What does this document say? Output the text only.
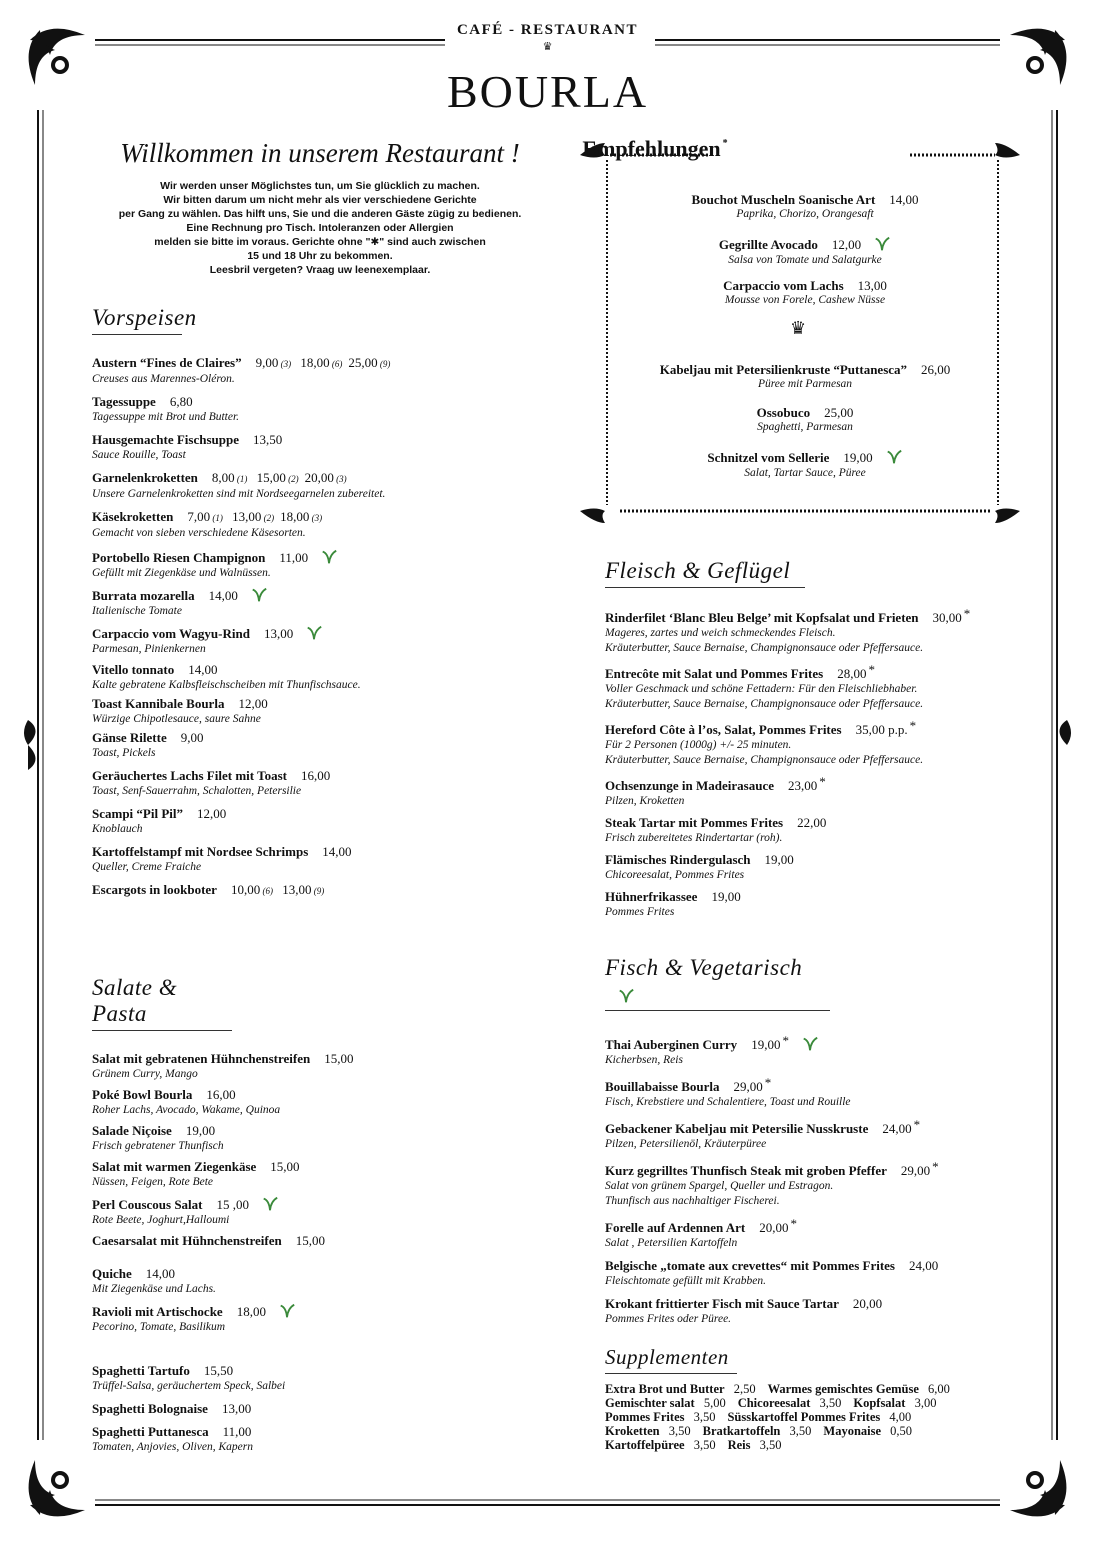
CAFÉ - RESTAURANT
♛
BOURLA
Willkommen in unserem Restaurant !
Wir werden unser Möglichstes tun, um Sie glücklich zu machen.
Wir bitten darum um nicht mehr als vier verschiedene Gerichte
per Gang zu wählen. Das hilft uns, Sie und die anderen Gäste zügig zu bedienen.
Eine Rechnung pro Tisch. Intoleranzen oder Allergien
melden sie bitte im voraus. Gerichte ohne "✱" sind auch zwischen
15 und 18 Uhr zu bekommen.
Leesbril vergeten? Vraag uw leenexemplaar.
Vorspeisen
Austern “Fines de Claires” 9,00 (3) 18,00 (6) 25,00 (9)
Creuses aus Marennes-Oléron.
Tagessuppe 6,80
Tagessuppe mit Brot und Butter.
Hausgemachte Fischsuppe 13,50
Sauce Rouille, Toast
Garnelenkroketten 8,00 (1) 15,00 (2) 20,00 (3)
Unsere Garnelenkroketten sind mit Nordseegarnelen zubereitet.
Käsekroketten 7,00 (1) 13,00 (2) 18,00 (3)
Gemacht von sieben verschiedene Käsesorten.
Portobello Riesen Champignon 11,00
Gefüllt mit Ziegenkäse und Walnüssen.
Burrata mozarella 14,00
Italienische Tomate
Carpaccio vom Wagyu-Rind 13,00
Parmesan, Pinienkernen
Vitello tonnato 14,00
Kalte gebratene Kalbsfleischscheiben mit Thunfischsauce.
Toast Kannibale Bourla 12,00
Würzige Chipotlesauce, saure Sahne
Gänse Rilette 9,00
Toast, Pickels
Geräuchertes Lachs Filet mit Toast 16,00
Toast, Senf-Sauerrahm, Schalotten, Petersilie
Scampi “Pil Pil” 12,00
Knoblauch
Kartoffelstampf mit Nordsee Schrimps 14,00
Queller, Creme Fraiche
Escargots in lookboter 10,00 (6) 13,00 (9)
Salate & Pasta
Salat mit gebratenen Hühnchenstreifen 15,00
Grünem Curry, Mango
Poké Bowl Bourla 16,00
Roher Lachs, Avocado, Wakame, Quinoa
Salade Niçoise 19,00
Frisch gebratener Thunfisch
Salat mit warmen Ziegenkäse 15,00
Nüssen, Feigen, Rote Bete
Perl Couscous Salat 15 ,00
Rote Beete, Joghurt,Halloumi
Caesarsalat mit Hühnchenstreifen 15,00
Quiche 14,00
Mit Ziegenkäse und Lachs.
Ravioli mit Artischocke 18,00
Pecorino, Tomate, Basilikum
Spaghetti Tartufo 15,50
Trüffel-Salsa, geräuchertem Speck, Salbei
Spaghetti Bolognaise 13,00
Spaghetti Puttanesca 11,00
Tomaten, Anjovies, Oliven, Kapern
Empfehlungen *
Bouchot Muscheln Soanische Art 14,00
Paprika, Chorizo, Orangesaft
Gegrillte Avocado 12,00
Salsa von Tomate und Salatgurke
Carpaccio vom Lachs 13,00
Mousse von Forele, Cashew Nüsse
Kabeljau mit Petersilienkruste “Puttanesca” 26,00
Püree mit Parmesan
Ossobuco 25,00
Spaghetti, Parmesan
Schnitzel vom Sellerie 19,00
Salat, Tartar Sauce, Püree
♛
Fleisch & Geflügel
Rinderfilet ‘Blanc Bleu Belge’ mit Kopfsalat und Frieten 30,00 *
Mageres, zartes und weich schmeckendes Fleisch.
Kräuterbutter, Sauce Bernaise, Champignonsauce oder Pfeffersauce.
Entrecôte mit Salat und Pommes Frites 28,00 *
Voller Geschmack und schöne Fettadern: Für den Fleischliebhaber.
Kräuterbutter, Sauce Bernaise, Champignonsauce oder Pfeffersauce.
Hereford Côte à l’os, Salat, Pommes Frites 35,00 p.p. *
Für 2 Personen (1000g) +/- 25 minuten.
Kräuterbutter, Sauce Bernaise, Champignonsauce oder Pfeffersauce.
Ochsenzunge in Madeirasauce 23,00 *
Pilzen, Kroketten
Steak Tartar mit Pommes Frites 22,00
Frisch zubereitetes Rindertartar (roh).
Flämisches Rindergulasch 19,00
Chicoreesalat, Pommes Frites
Hühnerfrikassee 19,00
Pommes Frites
Fisch & Vegetarisch
Thai Auberginen Curry 19,00 *
Kicherbsen, Reis
Bouillabaisse Bourla 29,00 *
Fisch, Krebstiere und Schalentiere, Toast und Rouille
Gebackener Kabeljau mit Petersilie Nusskruste 24,00 *
Pilzen, Petersilienöl, Kräuterpüree
Kurz gegrilltes Thunfisch Steak mit groben Pfeffer 29,00 *
Salat von grünem Spargel, Queller und Estragon.
Thunfisch aus nachhaltiger Fischerei.
Forelle auf Ardennen Art 20,00 *
Salat , Petersilien Kartoffeln
Belgische „tomate aux crevettes“ mit Pommes Frites 24,00
Fleischtomate gefüllt mit Krabben.
Krokant frittierter Fisch mit Sauce Tartar 20,00
Pommes Frites oder Püree.
Supplementen
Extra Brot und Butter 2,50 Warmes gemischtes Gemüse 6,00
Gemischter salat 5,00 Chicoreesalat 3,50 Kopfsalat 3,00
Pommes Frites 3,50 Süsskartoffel Pommes Frites 4,00
Kroketten 3,50 Bratkartoffeln 3,50 Mayonaise 0,50
Kartoffelpüree 3,50 Reis 3,50
